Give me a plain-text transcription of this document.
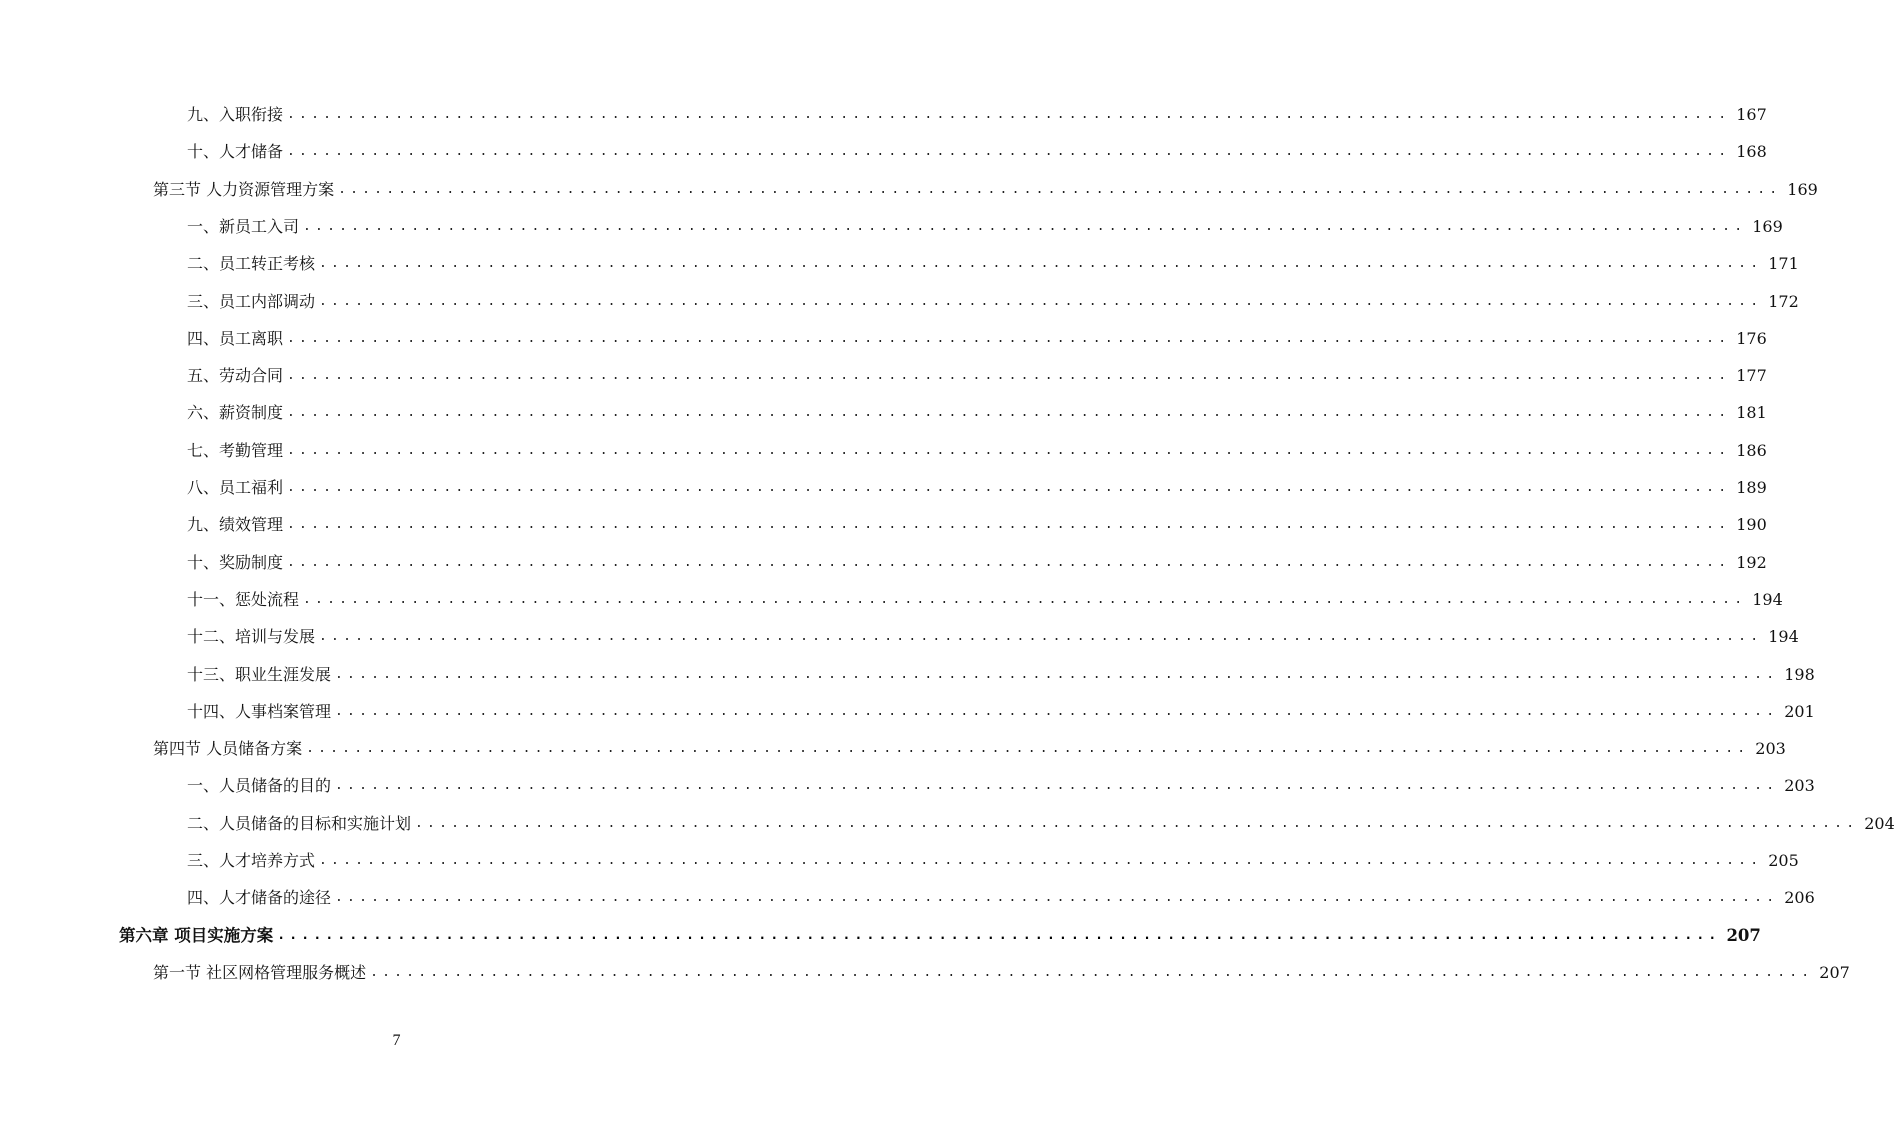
九、入职衔接 ........................................................................................................................ 167
十、人才储备 ........................................................................................................................ 168
第三节 人力资源管理方案 ........................................................................................................................ 169
一、新员工入司 ........................................................................................................................ 169
二、员工转正考核 ........................................................................................................................ 171
三、员工内部调动 ........................................................................................................................ 172
四、员工离职 ........................................................................................................................ 176
五、劳动合同 ........................................................................................................................ 177
六、薪资制度 ........................................................................................................................ 181
七、考勤管理 ........................................................................................................................ 186
八、员工福利 ........................................................................................................................ 189
九、绩效管理 ........................................................................................................................ 190
十、奖励制度 ........................................................................................................................ 192
十一、惩处流程 ........................................................................................................................ 194
十二、培训与发展 ........................................................................................................................ 194
十三、职业生涯发展 ........................................................................................................................ 198
十四、人事档案管理 ........................................................................................................................ 201
第四节 人员储备方案 ........................................................................................................................ 203
一、人员储备的目的 ........................................................................................................................ 203
二、人员储备的目标和实施计划 ........................................................................................................................ 204
三、人才培养方式 ........................................................................................................................ 205
四、人才储备的途径 ........................................................................................................................ 206
第六章 项目实施方案 ........................................................................................................................ 207
第一节 社区网格管理服务概述 ........................................................................................................................ 207
7
